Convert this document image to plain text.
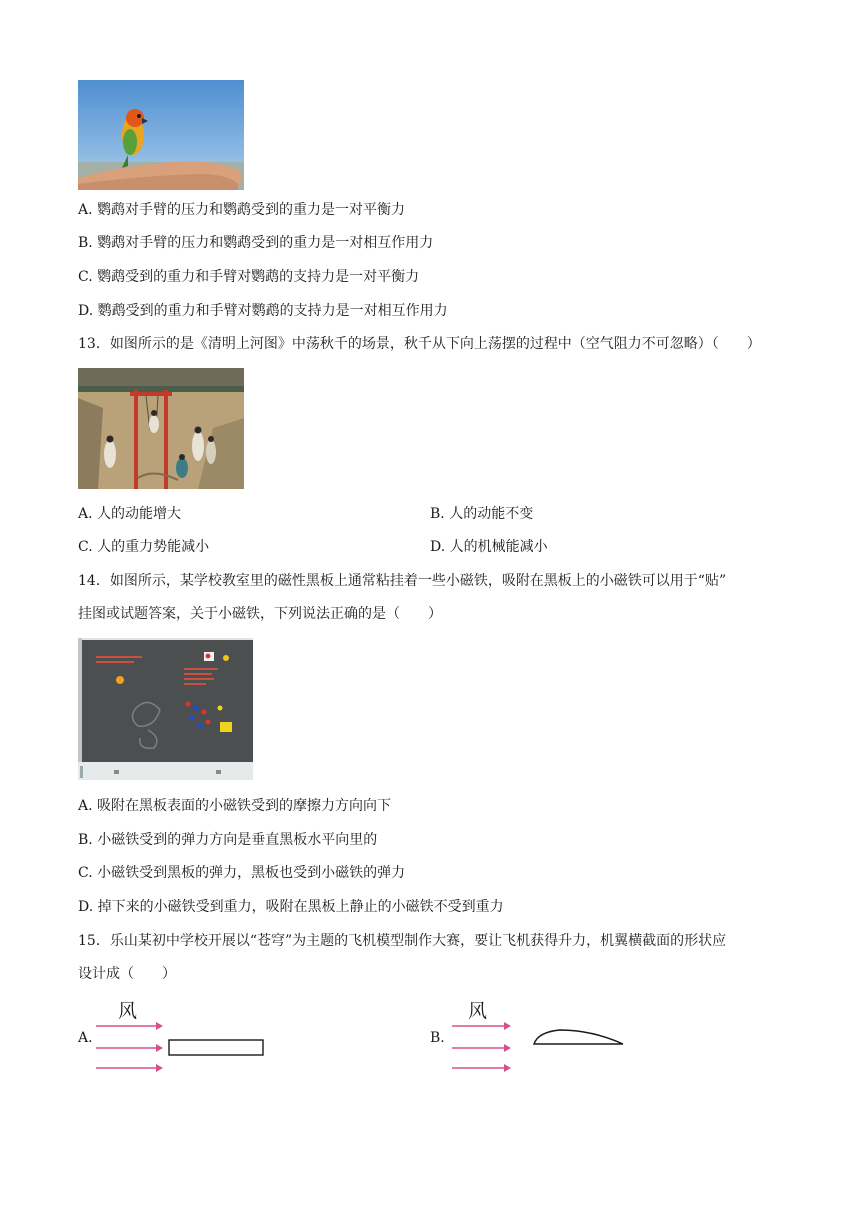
A. 鹦鹉对手臂的压力和鹦鹉受到的重力是一对平衡力
B. 鹦鹉对手臂的压力和鹦鹉受到的重力是一对相互作用力
C. 鹦鹉受到的重力和手臂对鹦鹉的支持力是一对平衡力
D. 鹦鹉受到的重力和手臂对鹦鹉的支持力是一对相互作用力
13．如图所示的是《清明上河图》中荡秋千的场景，秋千从下向上荡摆的过程中（空气阻力不可忽略）（　　）
A. 人的动能增大	B. 人的动能不变
C. 人的重力势能减小	D. 人的机械能减小
14．如图所示，某学校教室里的磁性黑板上通常粘挂着一些小磁铁，吸附在黑板上的小磁铁可以用于“贴”
挂图或试题答案，关于小磁铁，下列说法正确的是（　　）
A. 吸附在黑板表面的小磁铁受到的摩擦力方向向下
B. 小磁铁受到的弹力方向是垂直黑板水平向里的
C. 小磁铁受到黑板的弹力，黑板也受到小磁铁的弹力
D. 掉下来的小磁铁受到重力，吸附在黑板上静止的小磁铁不受到重力
15．乐山某初中学校开展以“苍穹”为主题的飞机模型制作大赛，要让飞机获得升力，机翼横截面的形状应
设计成（　　）
A.
风
B.
风
